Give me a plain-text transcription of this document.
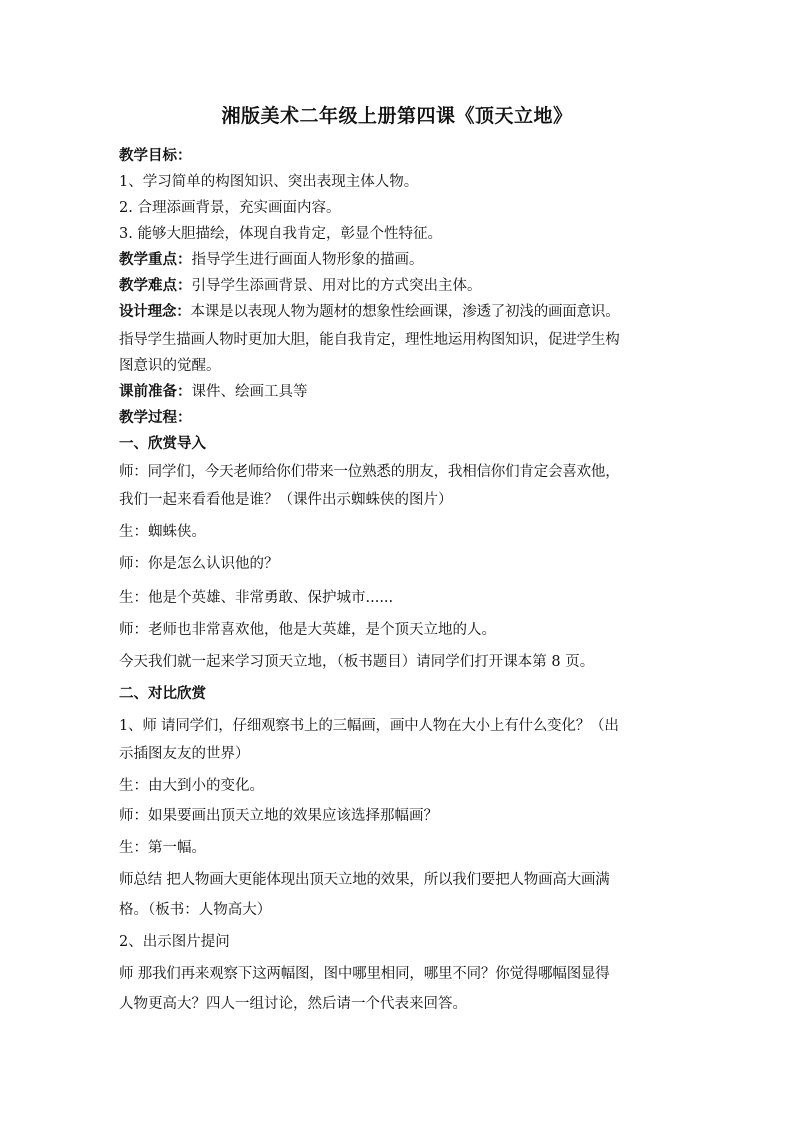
湘版美术二年级上册第四课《顶天立地》
教学目标：
1、学习简单的构图知识、突出表现主体人物。
2. 合理添画背景，充实画面内容。
3. 能够大胆描绘，体现自我肯定，彰显个性特征。
教学重点：指导学生进行画面人物形象的描画。
教学难点：引导学生添画背景、用对比的方式突出主体。
设计理念：本课是以表现人物为题材的想象性绘画课，渗透了初浅的画面意识。
指导学生描画人物时更加大胆，能自我肯定，理性地运用构图知识，促进学生构
图意识的觉醒。
课前准备：课件、绘画工具等
教学过程：
一、欣赏导入
师：同学们，今天老师给你们带来一位熟悉的朋友，我相信你们肯定会喜欢他，
我们一起来看看他是谁？（课件出示蜘蛛侠的图片）
生：蜘蛛侠。
师：你是怎么认识他的？
生：他是个英雄、非常勇敢、保护城市......
师：老师也非常喜欢他，他是大英雄，是个顶天立地的人。
今天我们就一起来学习顶天立地，（板书题目）请同学们打开课本第 8 页。
二、对比欣赏
1、师 请同学们，仔细观察书上的三幅画，画中人物在大小上有什么变化？（出
示插图友友的世界）
生：由大到小的变化。
师：如果要画出顶天立地的效果应该选择那幅画？
生：第一幅。
师总结 把人物画大更能体现出顶天立地的效果，所以我们要把人物画高大画满
格。（板书：人物高大）
2、出示图片提问
师 那我们再来观察下这两幅图，图中哪里相同，哪里不同？你觉得哪幅图显得
人物更高大？四人一组讨论，然后请一个代表来回答。
